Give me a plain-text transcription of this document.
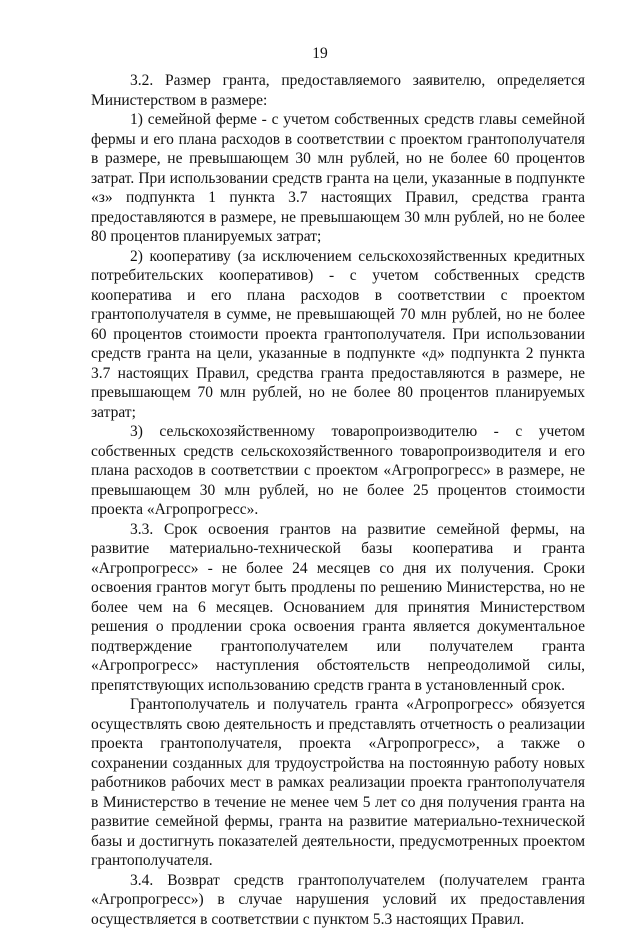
19

3.2. Размер гранта, предоставляемого заявителю, определяется Министерством в размере:

1) семейной ферме - с учетом собственных средств главы семейной фермы и его плана расходов в соответствии с проектом грантополучателя в размере, не превышающем 30 млн рублей, но не более 60 процентов затрат. При использовании средств гранта на цели, указанные в подпункте «з» подпункта 1 пункта 3.7 настоящих Правил, средства гранта предоставляются в размере, не превышающем 30 млн рублей, но не более 80 процентов планируемых затрат;

2) кооперативу (за исключением сельскохозяйственных кредитных потребительских кооперативов) - с учетом собственных средств кооператива и его плана расходов в соответствии с проектом грантополучателя в сумме, не превышающей 70 млн рублей, но не более 60 процентов стоимости проекта грантополучателя. При использовании средств гранта на цели, указанные в подпункте «д» подпункта 2 пункта 3.7 настоящих Правил, средства гранта предоставляются в размере, не превышающем 70 млн рублей, но не более 80 процентов планируемых затрат;

3) сельскохозяйственному товаропроизводителю - с учетом собственных средств сельскохозяйственного товаропроизводителя и его плана расходов в соответствии с проектом «Агропрогресс» в размере, не превышающем 30 млн рублей, но не более 25 процентов стоимости проекта «Агропрогресс».

3.3. Срок освоения грантов на развитие семейной фермы, на развитие материально-технической базы кооператива и гранта «Агропрогресс» - не более 24 месяцев со дня их получения. Сроки освоения грантов могут быть продлены по решению Министерства, но не более чем на 6 месяцев. Основанием для принятия Министерством решения о продлении срока освоения гранта является документальное подтверждение грантополучателем или получателем гранта «Агропрогресс» наступления обстоятельств непреодолимой силы, препятствующих использованию средств гранта в установленный срок.

Грантополучатель и получатель гранта «Агропрогресс» обязуется осуществлять свою деятельность и представлять отчетность о реализации проекта грантополучателя, проекта «Агропрогресс», а также о сохранении созданных для трудоустройства на постоянную работу новых работников рабочих мест в рамках реализации проекта грантополучателя в Министерство в течение не менее чем 5 лет со дня получения гранта на развитие семейной фермы, гранта на развитие материально-технической базы и достигнуть показателей деятельности, предусмотренных проектом грантополучателя.

3.4. Возврат средств грантополучателем (получателем гранта «Агропрогресс») в случае нарушения условий их предоставления осуществляется в соответствии с пунктом 5.3 настоящих Правил.
